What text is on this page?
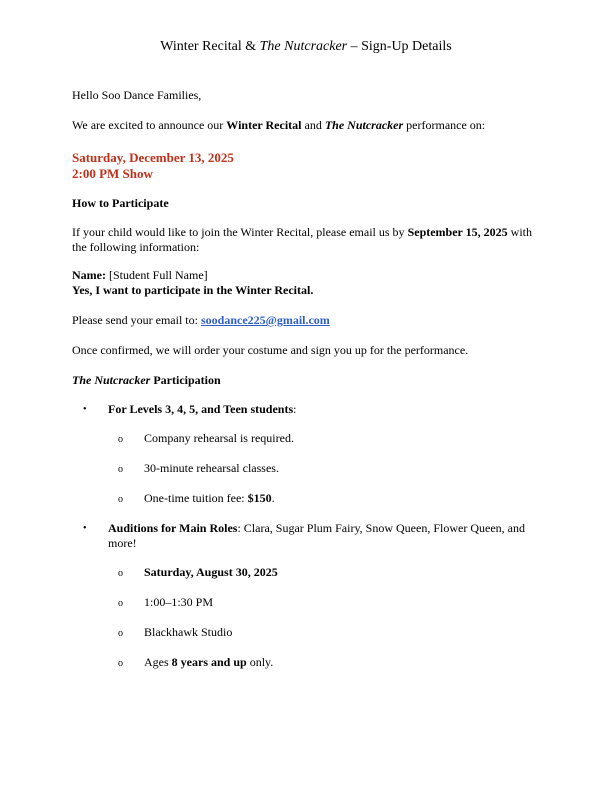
Winter Recital & The Nutcracker – Sign-Up Details
Hello Soo Dance Families,
We are excited to announce our Winter Recital and The Nutcracker performance on:
Saturday, December 13, 2025
2:00 PM Show
How to Participate
If your child would like to join the Winter Recital, please email us by September 15, 2025 with the following information:
Name: [Student Full Name]
Yes, I want to participate in the Winter Recital.
Please send your email to: soodance225@gmail.com
Once confirmed, we will order your costume and sign you up for the performance.
The Nutcracker Participation
• For Levels 3, 4, 5, and Teen students:
o Company rehearsal is required.
o 30-minute rehearsal classes.
o One-time tuition fee: $150.
• Auditions for Main Roles: Clara, Sugar Plum Fairy, Snow Queen, Flower Queen, and more!
o Saturday, August 30, 2025
o 1:00–1:30 PM
o Blackhawk Studio
o Ages 8 years and up only.
